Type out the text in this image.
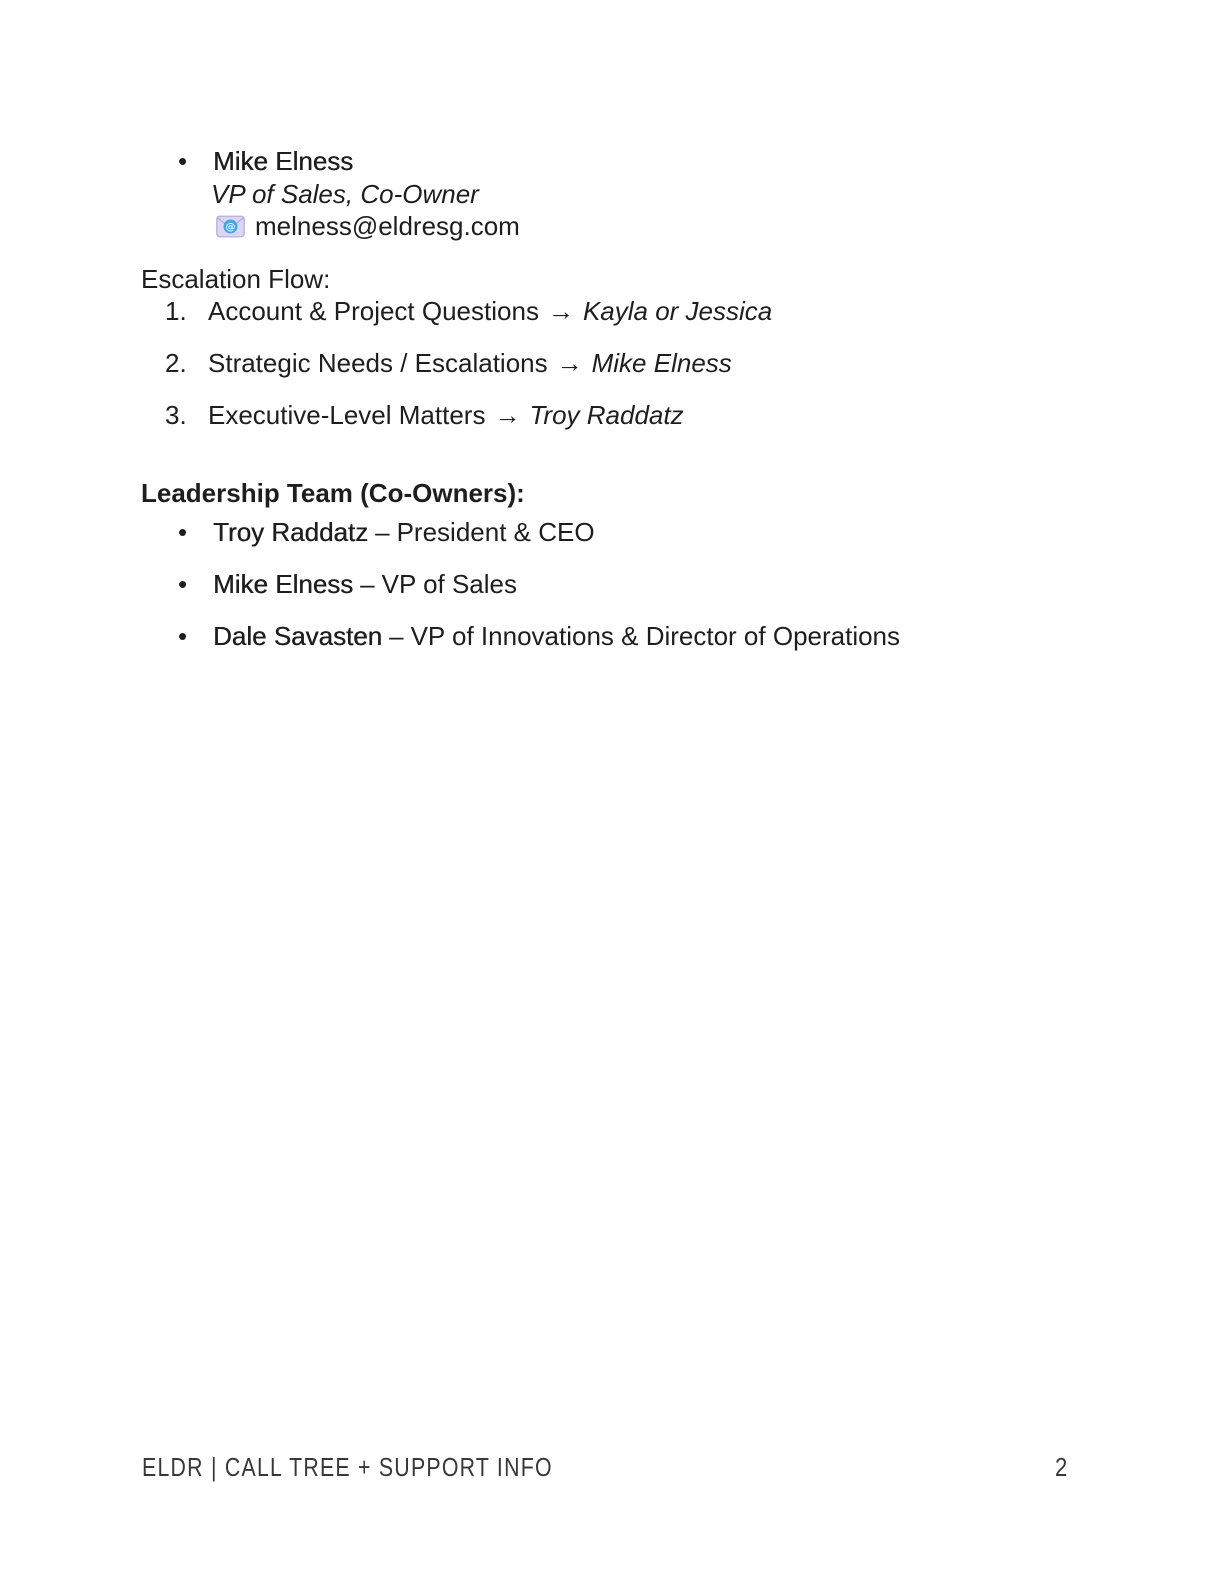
• Mike Elness
VP of Sales, Co-Owner
@ melness@eldresg.com
Escalation Flow:
1. Account & Project Questions → Kayla or Jessica
2. Strategic Needs / Escalations → Mike Elness
3. Executive-Level Matters → Troy Raddatz
Leadership Team (Co-Owners):
• Troy Raddatz – President & CEO
• Mike Elness – VP of Sales
• Dale Savasten – VP of Innovations & Director of Operations
ELDR | CALL TREE + SUPPORT INFO	2
